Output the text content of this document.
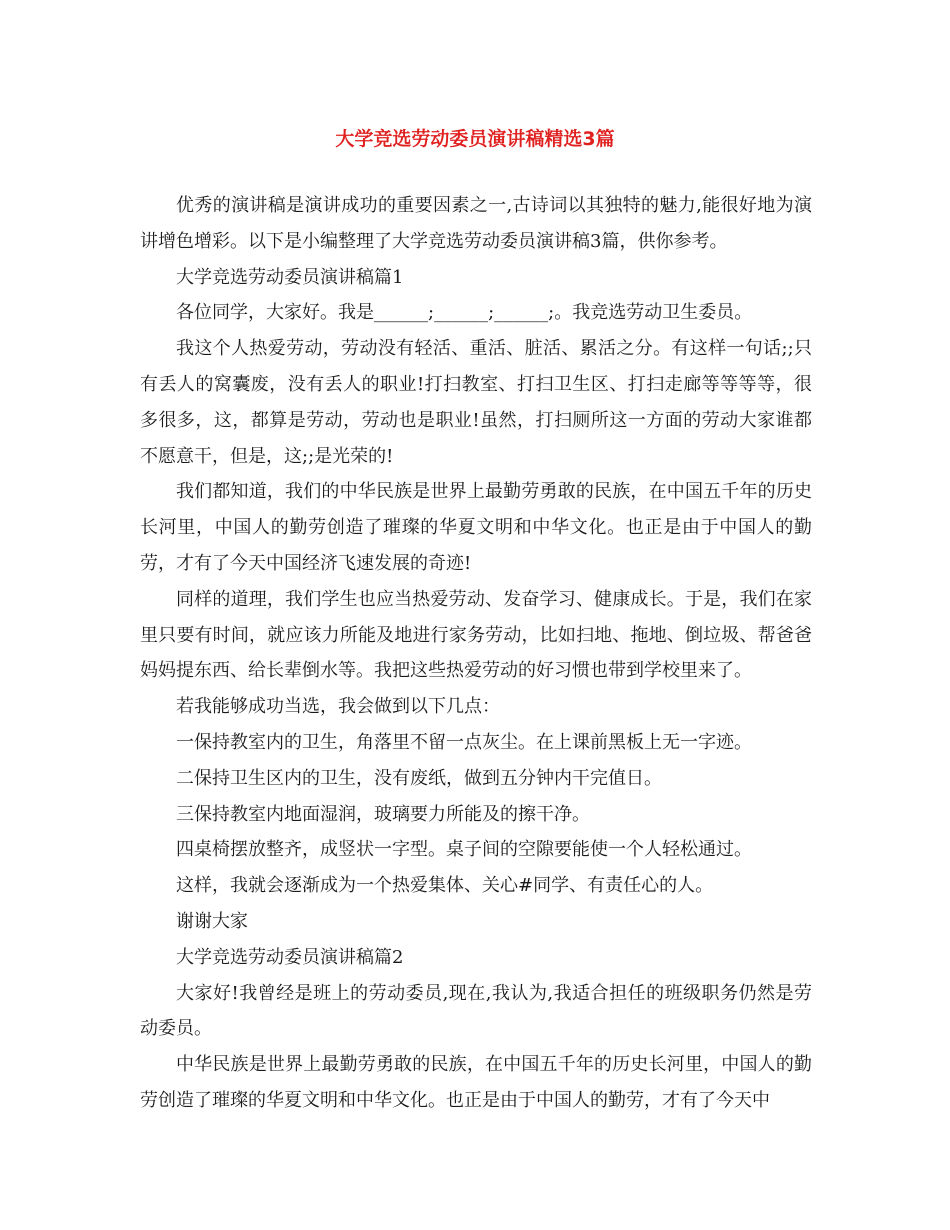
大学竞选劳动委员演讲稿精选3篇

优秀的演讲稿是演讲成功的重要因素之一,古诗词以其独特的魅力,能很好地为演讲增色增彩。以下是小编整理了大学竞选劳动委员演讲稿3篇，供你参考。

大学竞选劳动委员演讲稿篇1

各位同学，大家好。我是______;______;______;。我竞选劳动卫生委员。

我这个人热爱劳动，劳动没有轻活、重活、脏活、累活之分。有这样一句话;;只有丢人的窝囊废，没有丢人的职业!打扫教室、打扫卫生区、打扫走廊等等等等，很多很多，这，都算是劳动，劳动也是职业!虽然，打扫厕所这一方面的劳动大家谁都不愿意干，但是，这;;是光荣的!

我们都知道，我们的中华民族是世界上最勤劳勇敢的民族，在中国五千年的历史长河里，中国人的勤劳创造了璀璨的华夏文明和中华文化。也正是由于中国人的勤劳，才有了今天中国经济飞速发展的奇迹!

同样的道理，我们学生也应当热爱劳动、发奋学习、健康成长。于是，我们在家里只要有时间，就应该力所能及地进行家务劳动，比如扫地、拖地、倒垃圾、帮爸爸妈妈提东西、给长辈倒水等。我把这些热爱劳动的好习惯也带到学校里来了。

若我能够成功当选，我会做到以下几点：

一保持教室内的卫生，角落里不留一点灰尘。在上课前黑板上无一字迹。

二保持卫生区内的卫生，没有废纸，做到五分钟内干完值日。

三保持教室内地面湿润，玻璃要力所能及的擦干净。

四桌椅摆放整齐，成竖状一字型。桌子间的空隙要能使一个人轻松通过。

这样，我就会逐渐成为一个热爱集体、关心#同学、有责任心的人。

谢谢大家

大学竞选劳动委员演讲稿篇2

大家好!我曾经是班上的劳动委员,现在,我认为,我适合担任的班级职务仍然是劳动委员。

中华民族是世界上最勤劳勇敢的民族，在中国五千年的历史长河里，中国人的勤劳创造了璀璨的华夏文明和中华文化。也正是由于中国人的勤劳，才有了今天中
